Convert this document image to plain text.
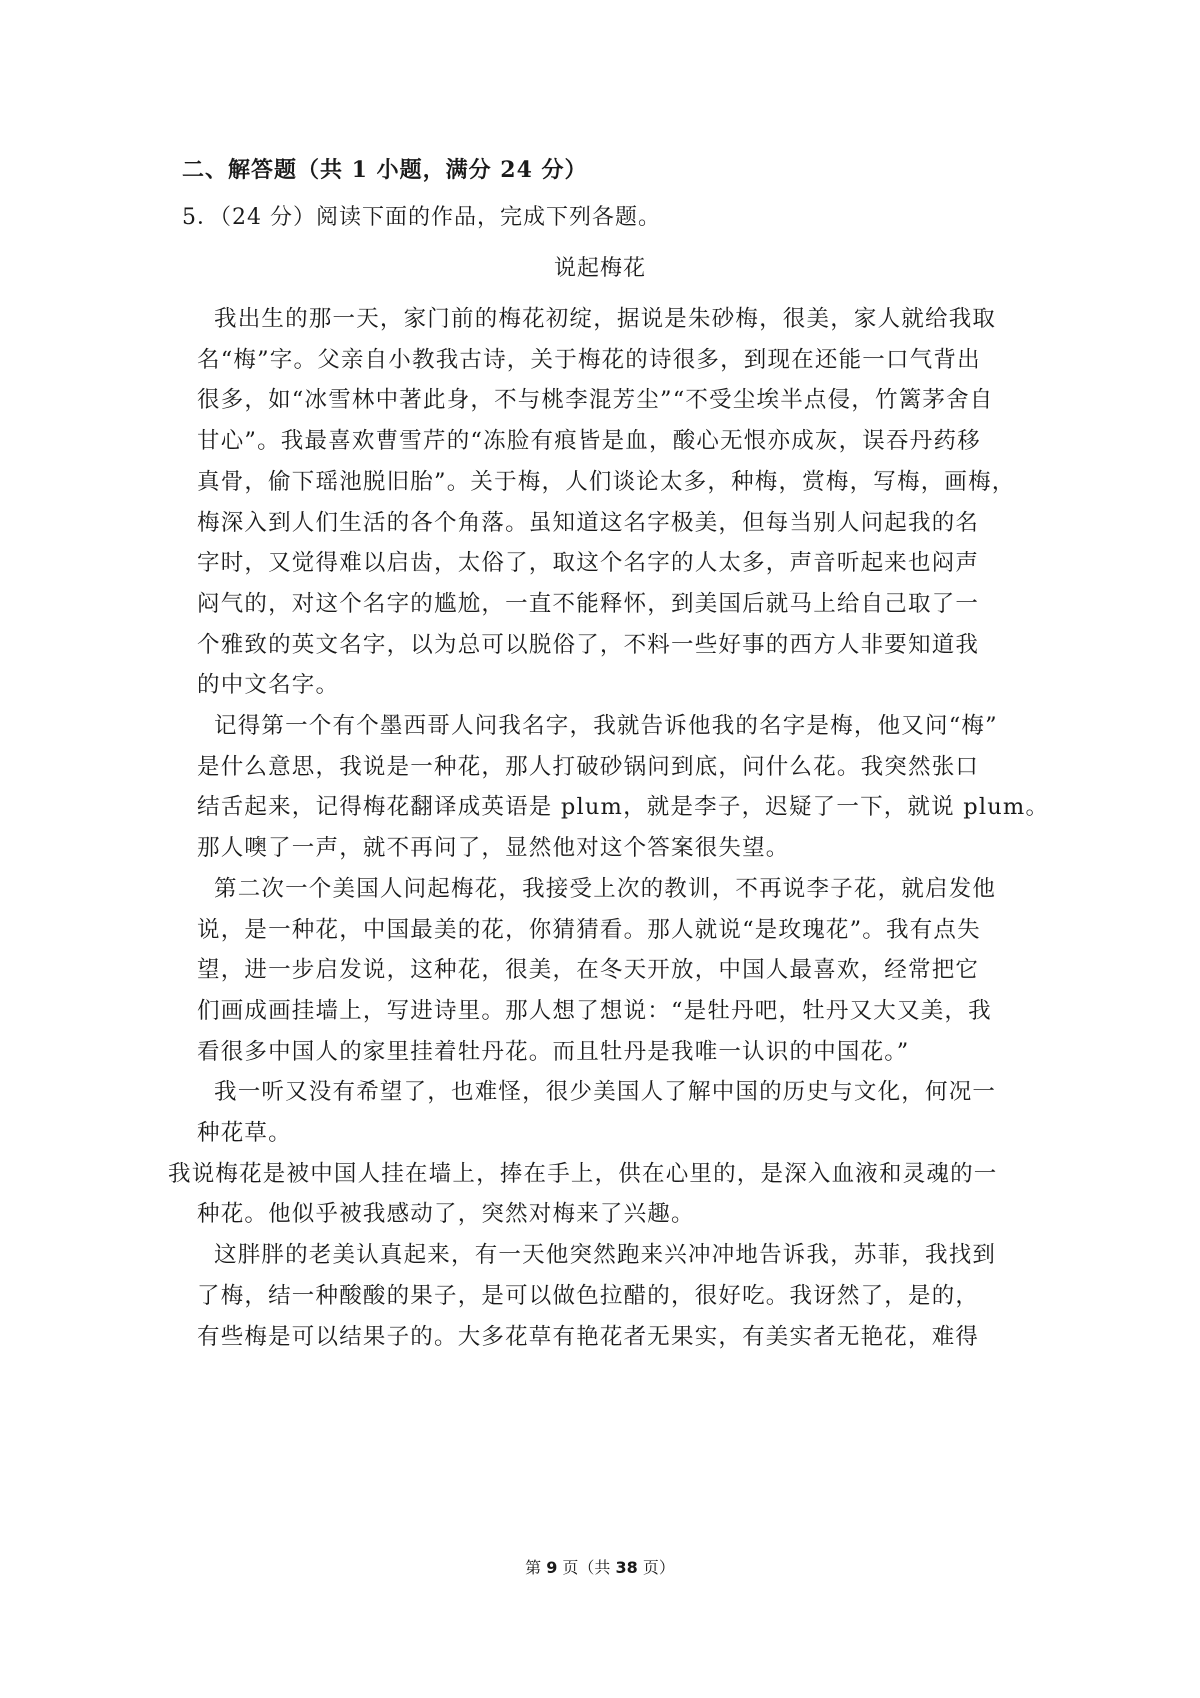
二、解答题（共 1 小题，满分 24 分）
5．（24 分）阅读下面的作品，完成下列各题。
说起梅花
我出生的那一天，家门前的梅花初绽，据说是朱砂梅，很美，家人就给我取
名“梅”字。父亲自小教我古诗，关于梅花的诗很多，到现在还能一口气背出
很多，如“冰雪林中著此身，不与桃李混芳尘”“不受尘埃半点侵，竹篱茅舍自
甘心”。我最喜欢曹雪芹的“冻脸有痕皆是血，酸心无恨亦成灰，误吞丹药移
真骨，偷下瑶池脱旧胎”。关于梅，人们谈论太多，种梅，赏梅，写梅，画梅，
梅深入到人们生活的各个角落。虽知道这名字极美，但每当别人问起我的名
字时，又觉得难以启齿，太俗了，取这个名字的人太多，声音听起来也闷声
闷气的，对这个名字的尴尬，一直不能释怀，到美国后就马上给自己取了一
个雅致的英文名字，以为总可以脱俗了，不料一些好事的西方人非要知道我
的中文名字。
记得第一个有个墨西哥人问我名字，我就告诉他我的名字是梅，他又问“梅”
是什么意思，我说是一种花，那人打破砂锅问到底，问什么花。我突然张口
结舌起来，记得梅花翻译成英语是 plum，就是李子，迟疑了一下，就说 plum。
那人噢了一声，就不再问了，显然他对这个答案很失望。
第二次一个美国人问起梅花，我接受上次的教训，不再说李子花，就启发他
说，是一种花，中国最美的花，你猜猜看。那人就说“是玫瑰花”。我有点失
望，进一步启发说，这种花，很美，在冬天开放，中国人最喜欢，经常把它
们画成画挂墙上，写进诗里。那人想了想说：“是牡丹吧，牡丹又大又美，我
看很多中国人的家里挂着牡丹花。而且牡丹是我唯一认识的中国花。”
我一听又没有希望了，也难怪，很少美国人了解中国的历史与文化，何况一
种花草。
我说梅花是被中国人挂在墙上，捧在手上，供在心里的，是深入血液和灵魂的一
种花。他似乎被我感动了，突然对梅来了兴趣。
这胖胖的老美认真起来，有一天他突然跑来兴冲冲地告诉我，苏菲，我找到
了梅，结一种酸酸的果子，是可以做色拉醋的，很好吃。我讶然了，是的，
有些梅是可以结果子的。大多花草有艳花者无果实，有美实者无艳花，难得
第 9 页（共 38 页）
